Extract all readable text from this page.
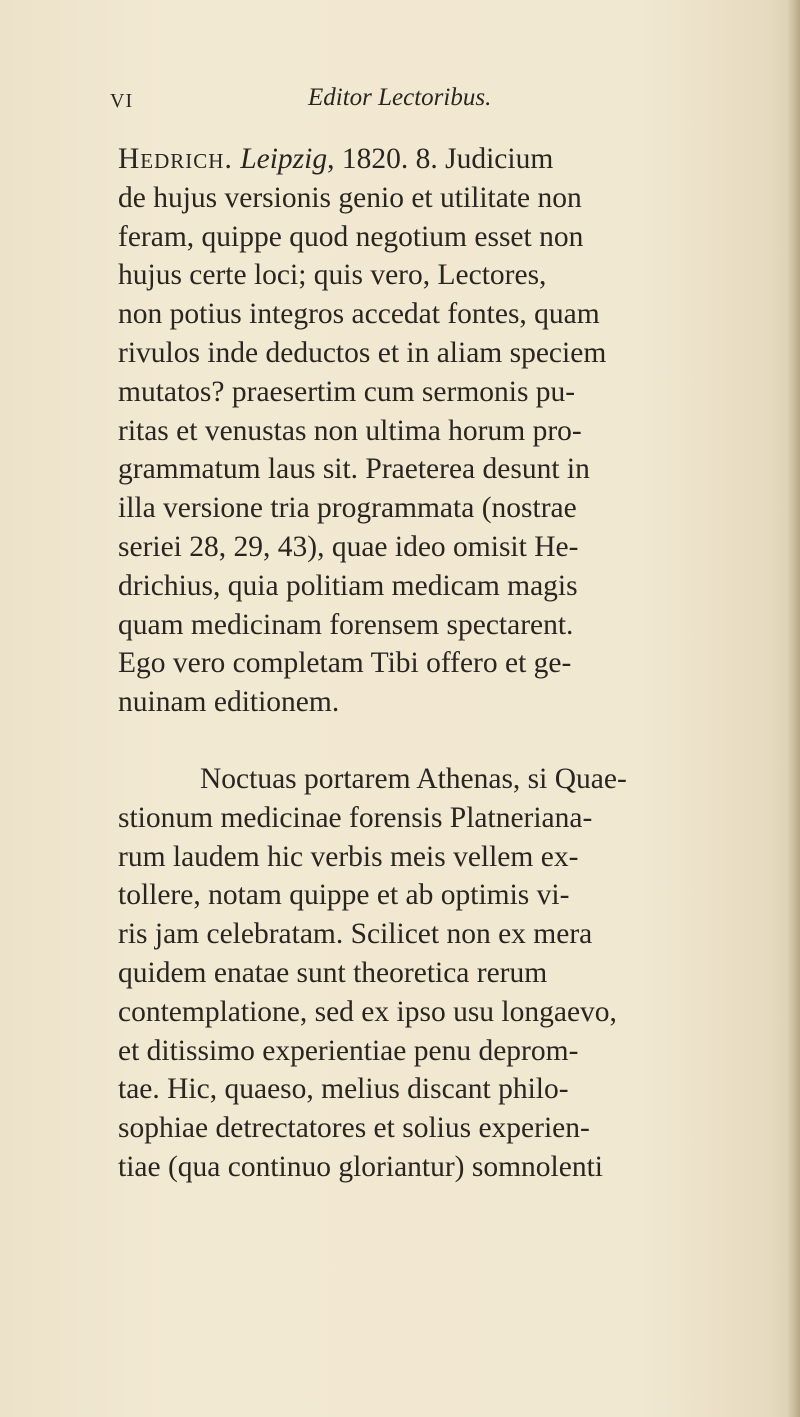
VI	Editor Lectoribus.
Hedrich. Leipzig, 1820. 8. Judicium
de hujus versionis genio et utilitate non
feram, quippe quod negotium esset non
hujus certe loci; quis vero, Lectores,
non potius integros accedat fontes, quam
rivulos inde deductos et in aliam speciem
mutatos? praesertim cum sermonis pu-
ritas et venustas non ultima horum pro-
grammatum laus sit. Praeterea desunt in
illa versione tria programmata (nostrae
seriei 28, 29, 43), quae ideo omisit He-
drichius, quia politiam medicam magis
quam medicinam forensem spectarent.
Ego vero completam Tibi offero et ge-
nuinam editionem.
Noctuas portarem Athenas, si Quae-
stionum medicinae forensis Platneriana-
rum laudem hic verbis meis vellem ex-
tollere, notam quippe et ab optimis vi-
ris jam celebratam. Scilicet non ex mera
quidem enatae sunt theoretica rerum
contemplatione, sed ex ipso usu longaevo,
et ditissimo experientiae penu deprom-
tae. Hic, quaeso, melius discant philo-
sophiae detrectatores et solius experien-
tiae (qua continuo gloriantur) somnolenti
